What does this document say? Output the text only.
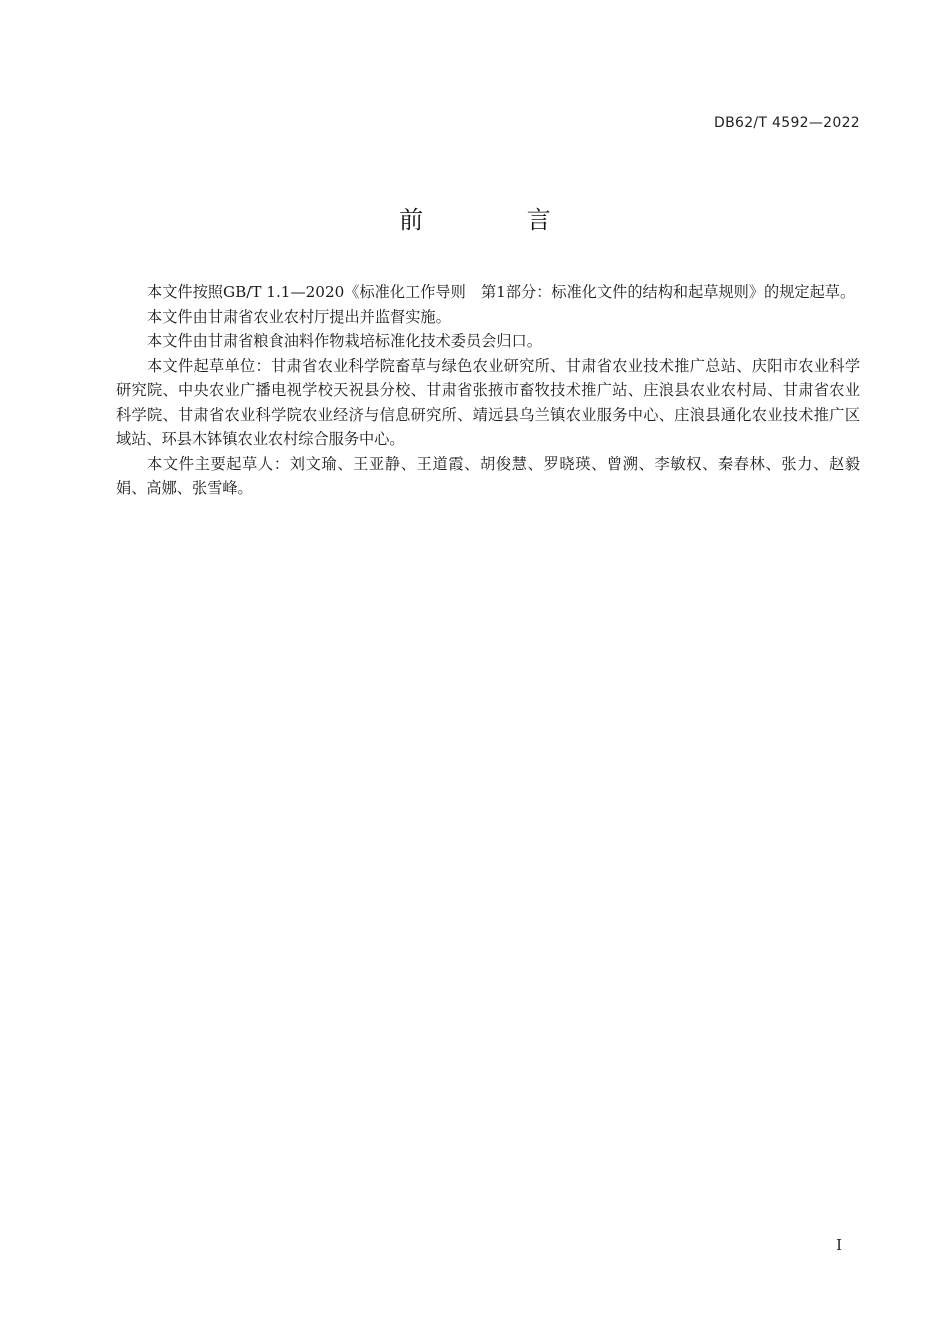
DB62/T 4592—2022
前 言

本文件按照GB/T 1.1—2020《标准化工作导则　第1部分：标准化文件的结构和起草规则》的规定起草。

本文件由甘肃省农业农村厅提出并监督实施。

本文件由甘肃省粮食油料作物栽培标准化技术委员会归口。

本文件起草单位：甘肃省农业科学院畜草与绿色农业研究所、甘肃省农业技术推广总站、庆阳市农业科学研究院、中央农业广播电视学校天祝县分校、甘肃省张掖市畜牧技术推广站、庄浪县农业农村局、甘肃省农业科学院、甘肃省农业科学院农业经济与信息研究所、靖远县乌兰镇农业服务中心、庄浪县通化农业技术推广区域站、环县木钵镇农业农村综合服务中心。

本文件主要起草人：刘文瑜、王亚静、王道霞、胡俊慧、罗晓瑛、曾溯、李敏权、秦春林、张力、赵毅娟、高娜、张雪峰。

I
